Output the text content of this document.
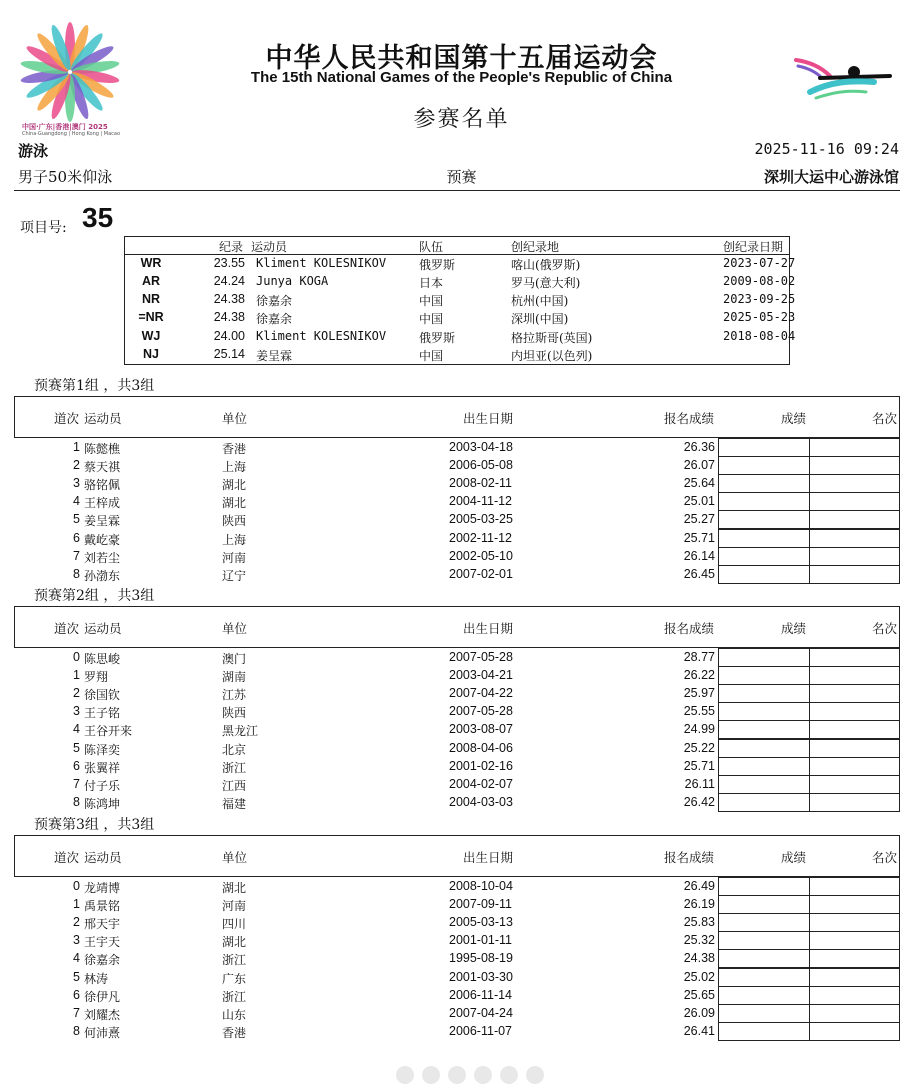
中国·广东|香港|澳门 2025
China·Guangdong | Hong Kong | Macao
中华人民共和国第十五届运动会
The 15th National Games of the People's Republic of China
参赛名单
游泳	2025-11-16 09:24
男子50米仰泳	预赛	深圳大运中心游泳馆
项目号: 35
纪录 运动员	队伍	创纪录地	创纪录日期
WR	23.55 Kliment KOLESNIKOV	俄罗斯	喀山(俄罗斯)	2023-07-27
AR	24.24 Junya KOGA	日本	罗马(意大利)	2009-08-02
NR	24.38 徐嘉余	中国	杭州(中国)	2023-09-25
=NR	24.38 徐嘉余	中国	深圳(中国)	2025-05-23
WJ	24.00 Kliment KOLESNIKOV	俄罗斯	格拉斯哥(英国)	2018-08-04
NJ	25.14 姜呈霖	中国	内坦亚(以色列)
预赛第1组 ，共3组
道次 运动员	单位	出生日期	报名成绩	成绩	名次
1 陈懿樵	香港	2003-04-18	26.36
2 蔡天祺	上海	2006-05-08	26.07
3 骆铭佩	湖北	2008-02-11	25.64
4 王梓成	湖北	2004-11-12	25.01
5 姜呈霖	陕西	2005-03-25	25.27
6 戴屹豪	上海	2002-11-12	25.71
7 刘若尘	河南	2002-05-10	26.14
8 孙渤东	辽宁	2007-02-01	26.45
预赛第2组 ，共3组
道次 运动员	单位	出生日期	报名成绩	成绩	名次
0 陈思峻	澳门	2007-05-28	28.77
1 罗翔	湖南	2003-04-21	26.22
2 徐国钦	江苏	2007-04-22	25.97
3 王子铭	陕西	2007-05-28	25.55
4 王谷开来	黑龙江	2003-08-07	24.99
5 陈泽奕	北京	2008-04-06	25.22
6 张翼祥	浙江	2001-02-16	25.71
7 付子乐	江西	2004-02-07	26.11
8 陈鸿坤	福建	2004-03-03	26.42
预赛第3组 ，共3组
道次 运动员	单位	出生日期	报名成绩	成绩	名次
0 龙靖博	湖北	2008-10-04	26.49
1 禹景铭	河南	2007-09-11	26.19
2 邢天宇	四川	2005-03-13	25.83
3 王宇天	湖北	2001-01-11	25.32
4 徐嘉余	浙江	1995-08-19	24.38
5 林涛	广东	2001-03-30	25.02
6 徐伊凡	浙江	2006-11-14	25.65
7 刘耀杰	山东	2007-04-24	26.09
8 何沛熹	香港	2006-11-07	26.41
